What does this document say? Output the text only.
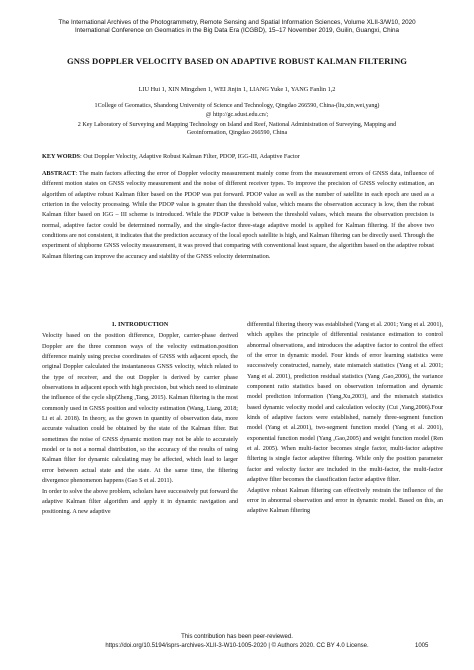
The International Archives of the Photogrammetry, Remote Sensing and Spatial Information Sciences, Volume XLII-3/W10, 2020
International Conference on Geomatics in the Big Data Era (ICGBD), 15–17 November 2019, Guilin, Guangxi, China
GNSS DOPPLER VELOCITY BASED ON ADAPTIVE ROBUST KALMAN FILTERING
LIU Hui 1, XIN Mingzhen 1, WEI Jinjin 1, LIANG Yuke 1, YANG Fanlin 1,2
1College of Geomatics, Shandong University of Science and Technology, Qingdao 266590, China-(liu,xin,wei,yang)
@ http://gc.sdust.edu.cn/;
2 Key Laboratory of Surveying and Mapping Technology on Island and Reef, National Administration of Surveying, Mapping and
Geoinformation, Qingdao 266590, China
KEY WORDS: Out Doppler Velocity, Adaptive Robust Kalman Filter, PDOP, IGG-III, Adaptive Factor
ABSTRACT: The main factors affecting the error of Doppler velocity measurement mainly come from the measurement errors of GNSS data, influence of different motion states on GNSS velocity measurement and the noise of different receiver types. To improve the precision of GNSS velocity estimation, an algorithm of adaptive robust Kalman filter based on the PDOP was put forward. PDOP value as well as the number of satellite in each epoch are used as a criterion in the velocity processing. While the PDOP value is greater than the threshold value, which means the observation accuracy is low, then the robust Kalman filter based on IGG – III scheme is introduced. While the PDOP value is between the threshold values, which means the observation precision is normal, adaptive factor could be determined normally, and the single-factor three-stage adaptive model is applied for Kalman filtering. If the above two conditions are not consistent, it indicates that the prediction accuracy of the local epoch satellite is high, and Kalman filtering can be directly used. Through the experiment of shipborne GNSS velocity measurement, it was proved that comparing with conventional least square, the algorithm based on the adaptive robust Kalman filtering can improve the accuracy and stability of the GNSS velocity determination.
1. INTRODUCTION

Velocity based on the position difference, Doppler, carrier-phase derived Doppler are the three common ways of the velocity estimation.position difference mainly using precise coordinates of GNSS with adjacent epoch, the original Doppler calculated the instantaneous GNSS velocity, which related to the type of receiver, and the out Doppler is derived by carrier phase observations in adjacent epoch with high precision, but which need to eliminate the influence of the cycle slip(Zheng ,Tang, 2015). Kalman filtering is the most commonly used in GNSS position and velocity estimation (Wang, Liang, 2018; Li et al. 2018). In theory, as the grown in quantity of observation data, more accurate valuation could be obtained by the state of the Kalman filter. But sometimes the noise of GNSS dynamic motion may not be able to accurately model or is not a normal distribution, so the accuracy of the results of using Kalman filter for dynamic calculating may be affected, which lead to larger error between actual state and the state. At the same time, the filtering divergence phenomenon happens (Gao S et al. 2011).

In order to solve the above problem, scholars have successively put forward the adaptive Kalman filter algorithm and apply it in dynamic navigation and positioning. A new adaptive

differential filtering theory was established (Yang et al. 2001; Yang et al. 2001), which applies the principle of differential resistance estimation to control abnormal observations, and introduces the adaptive factor to control the effect of the error in dynamic model. Four kinds of error learning statistics were successively constructed, namely, state mismatch statistics (Yang et al. 2001; Yang et al. 2001), prediction residual statistics (Yang ,Gao,2006), the variance component ratio statistics based on observation information and dynamic model prediction information (Yang,Xu,2003), and the mismatch statistics based dynamic velocity model and calculation velocity (Cui ,Yang,2006).Four kinds of adaptive factors were established, namely three-segment function model (Yang et al.2001), two-segment function model (Yang et al. 2001), exponential function model (Yang ,Gao,2005) and weight function model (Ren et al. 2005). When multi-factor becomes single factor, multi-factor adaptive filtering is single factor adaptive filtering. While only the position parameter factor and velocity factor are included in the multi-factor, the multi-factor adaptive filter becomes the classification factor adaptive filter.

Adaptive robust Kalman filtering can effectively restrain the influence of the error in abnormal observation and error in dynamic model. Based on this, an adaptive Kalman filtering

This contribution has been peer-reviewed.
https://doi.org/10.5194/isprs-archives-XLII-3-W10-1005-2020 | © Authors 2020. CC BY 4.0 License.	1005
